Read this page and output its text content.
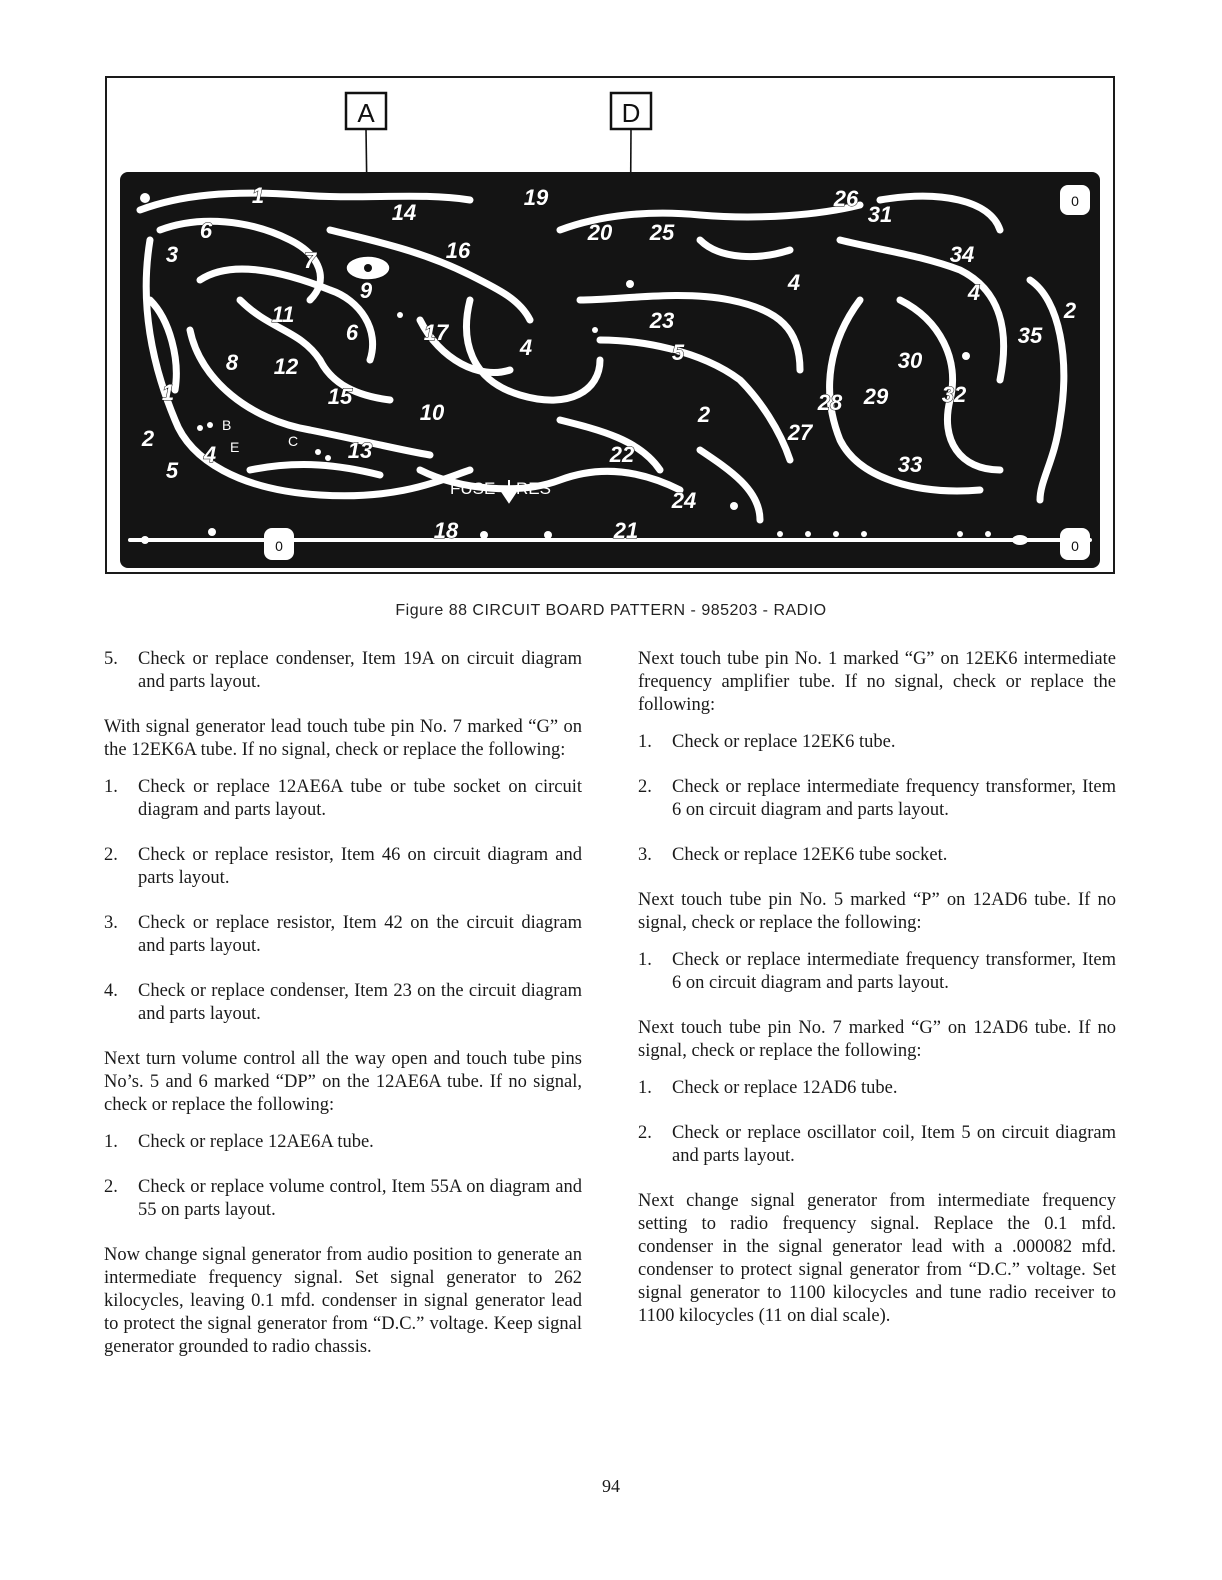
A	D
0
0	0
B
E	C
FUSE RES
1
3
6
14
19
20 25
26
31
7	16	34
4	4
2
35
9
11
6	17	23
5
4
8 12	30
1	15
10	28 29 32
27
2
2	13
4
5
22	33
24
18	21
Figure 88 CIRCUIT BOARD PATTERN - 985203 - RADIO
5.	Check or replace condenser, Item 19A on circuit diagram and parts layout.

With signal generator lead touch tube pin No. 7 marked “G” on the 12EK6A tube. If no signal, check or replace the following:

1.	Check or replace 12AE6A tube or tube socket on circuit diagram and parts layout.
2.	Check or replace resistor, Item 46 on circuit diagram and parts layout.
3.	Check or replace resistor, Item 42 on the circuit diagram and parts layout.
4.	Check or replace condenser, Item 23 on the circuit diagram and parts layout.

Next turn volume control all the way open and touch tube pins No’s. 5 and 6 marked “DP” on the 12AE6A tube. If no signal, check or replace the following:

1.	Check or replace 12AE6A tube.
2.	Check or replace volume control, Item 55A on diagram and 55 on parts layout.

Now change signal generator from audio position to generate an intermediate frequency signal. Set signal generator to 262 kilocycles, leaving 0.1 mfd. condenser in signal generator lead to protect the signal generator from “D.C.” voltage. Keep signal generator grounded to radio chassis.

Next touch tube pin No. 1 marked “G” on 12EK6 intermediate frequency amplifier tube. If no signal, check or replace the following:

1.	Check or replace 12EK6 tube.
2.	Check or replace intermediate frequency transformer, Item 6 on circuit diagram and parts layout.
3.	Check or replace 12EK6 tube socket.

Next touch tube pin No. 5 marked “P” on 12AD6 tube. If no signal, check or replace the following:

1.	Check or replace intermediate frequency transformer, Item 6 on circuit diagram and parts layout.

Next touch tube pin No. 7 marked “G” on 12AD6 tube. If no signal, check or replace the following:

1.	Check or replace 12AD6 tube.
2.	Check or replace oscillator coil, Item 5 on circuit diagram and parts layout.

Next change signal generator from intermediate frequency setting to radio frequency signal. Replace the 0.1 mfd. condenser in the signal generator lead with a .000082 mfd. condenser to protect signal generator from “D.C.” voltage. Set signal generator to 1100 kilocycles and tune radio receiver to 1100 kilocycles (11 on dial scale).

94
